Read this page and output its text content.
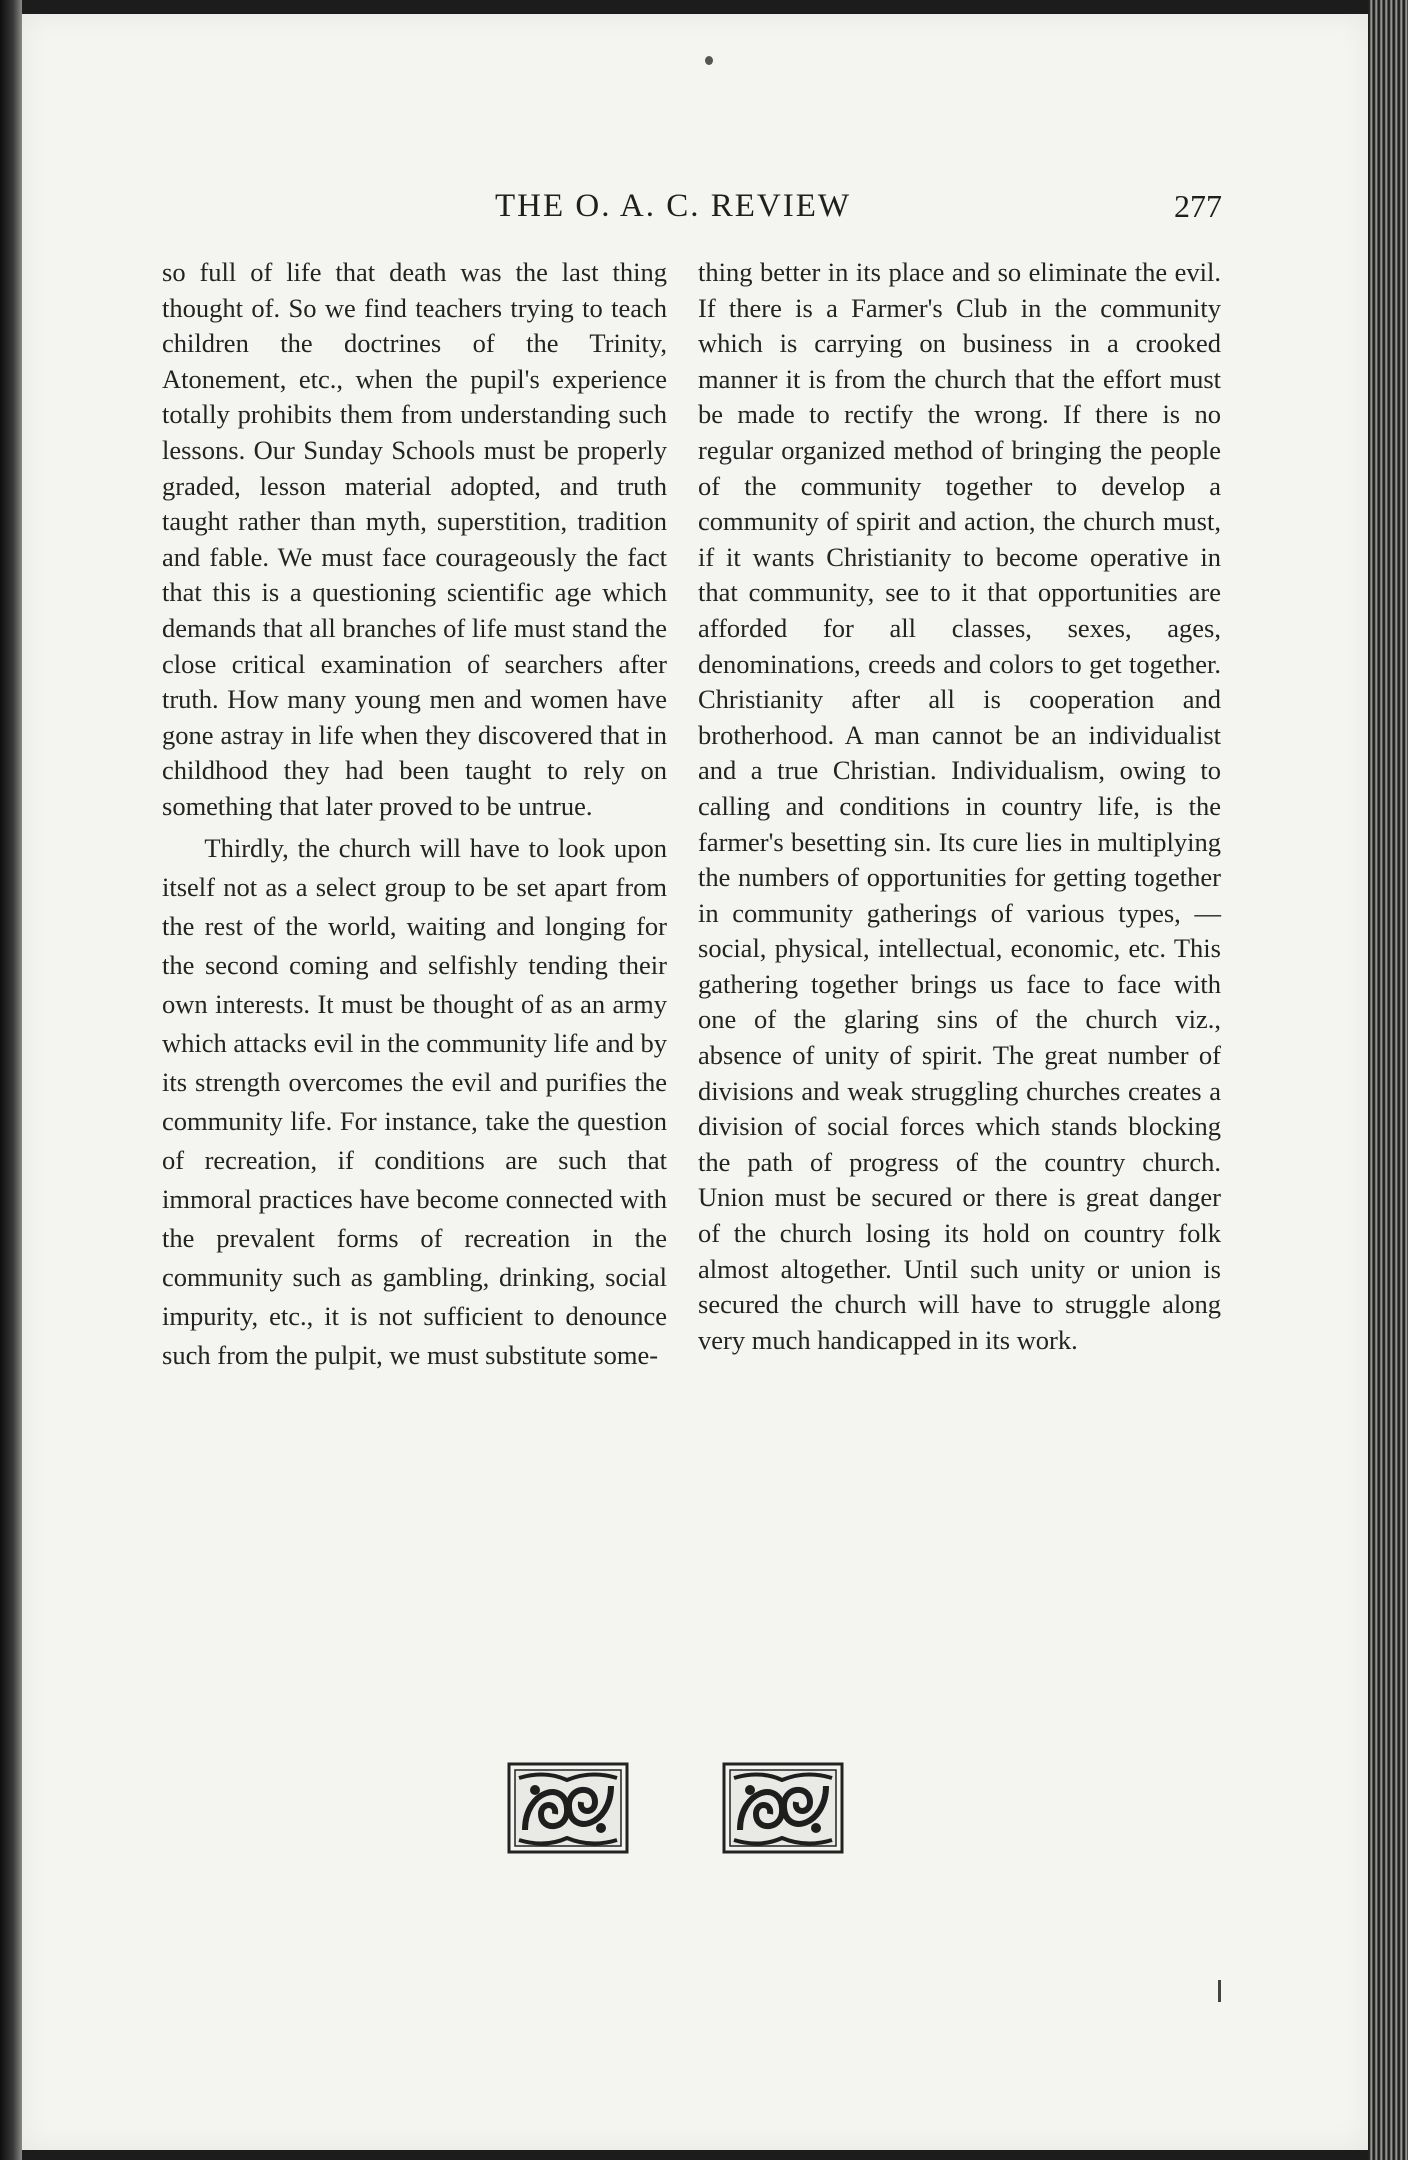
THE O. A. C. REVIEW	277

so full of life that death was the last thing thought of. So we find teachers trying to teach children the doctrines of the Trinity, Atonement, etc., when the pupil's experience totally prohibits them from understanding such lessons. Our Sunday Schools must be properly graded, lesson material adopted, and truth taught rather than myth, superstition, tradition and fable. We must face courageously the fact that this is a questioning scientific age which demands that all branches of life must stand the close critical examination of searchers after truth. How many young men and women have gone astray in life when they discovered that in childhood they had been taught to rely on something that later proved to be untrue.

Thirdly, the church will have to look upon itself not as a select group to be set apart from the rest of the world, waiting and longing for the second coming and selfishly tending their own interests. It must be thought of as an army which attacks evil in the community life and by its strength overcomes the evil and purifies the community life. For instance, take the question of recreation, if conditions are such that immoral practices have become connected with the prevalent forms of recreation in the community such as gambling, drinking, social impurity, etc., it is not sufficient to denounce such from the pulpit, we must substitute some-

thing better in its place and so eliminate the evil. If there is a Farmer's Club in the community which is carrying on business in a crooked manner it is from the church that the effort must be made to rectify the wrong. If there is no regular organized method of bringing the people of the community together to develop a community of spirit and action, the church must, if it wants Christianity to become operative in that community, see to it that opportunities are afforded for all classes, sexes, ages, denominations, creeds and colors to get together. Christianity after all is cooperation and brotherhood. A man cannot be an individualist and a true Christian. Individualism, owing to calling and conditions in country life, is the farmer's besetting sin. Its cure lies in multiplying the numbers of opportunities for getting together in community gatherings of various types, —social, physical, intellectual, economic, etc. This gathering together brings us face to face with one of the glaring sins of the church viz., absence of unity of spirit. The great number of divisions and weak struggling churches creates a division of social forces which stands blocking the path of progress of the country church. Union must be secured or there is great danger of the church losing its hold on country folk almost altogether. Until such unity or union is secured the church will have to struggle along very much handicapped in its work.
